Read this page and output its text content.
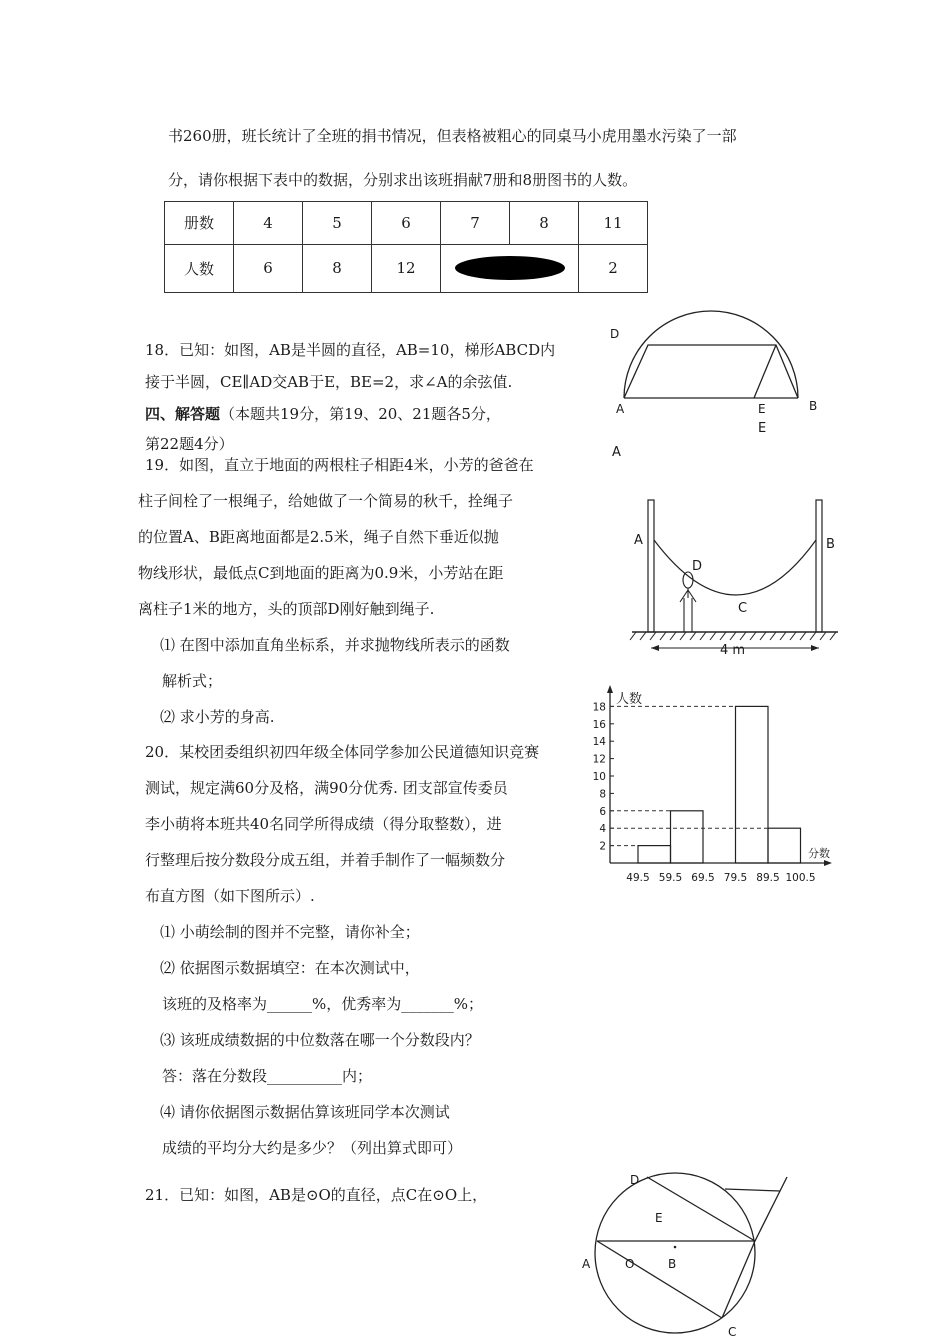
书260册，班长统计了全班的捐书情况，但表格被粗心的同桌马小虎用墨水污染了一部
分，请你根据下表中的数据，分别求出该班捐献7册和8册图书的人数。
册数	4	5	6	7	8	11
人数	6	8	12			2
18．已知：如图，AB是半圆的直径，AB=10，梯形ABCD内
接于半圆，CE∥AD交AB于E，BE=2，求∠A的余弦值.
四、解答题（本题共19分，第19、20、21题各5分，
第22题4分）
D
A	E	B
E
A
19．如图，直立于地面的两根柱子相距4米，小芳的爸爸在
柱子间栓了一根绳子，给她做了一个简易的秋千，拴绳子
的位置A、B距离地面都是2.5米，绳子自然下垂近似抛
物线形状，最低点C到地面的距离为0.9米，小芳站在距
离柱子1米的地方，头的顶部D刚好触到绳子.
⑴ 在图中添加直角坐标系，并求抛物线所表示的函数
解析式；
⑵ 求小芳的身高.
A	B
D
C
4 m
20．某校团委组织初四年级全体同学参加公民道德知识竞赛
测试，规定满60分及格，满90分优秀. 团支部宣传委员
李小萌将本班共40名同学所得成绩（得分取整数），进
行整理后按分数段分成五组，并着手制作了一幅频数分
布直方图（如下图所示）.
⑴ 小萌绘制的图并不完整，请你补全；
⑵ 依据图示数据填空：在本次测试中，
该班的及格率为______%，优秀率为_______%；
⑶ 该班成绩数据的中位数落在哪一个分数段内？
答：落在分数段__________内；
⑷ 请你依据图示数据估算该班同学本次测试
成绩的平均分大约是多少？（列出算式即可）
人数
分数
2
4
6
8
10
12
14
16
18
49.5 59.5 69.5 79.5 89.5 100.5
21．已知：如图，AB是⊙O的直径，点C在⊙O上，
D
E
A	O	B
C
